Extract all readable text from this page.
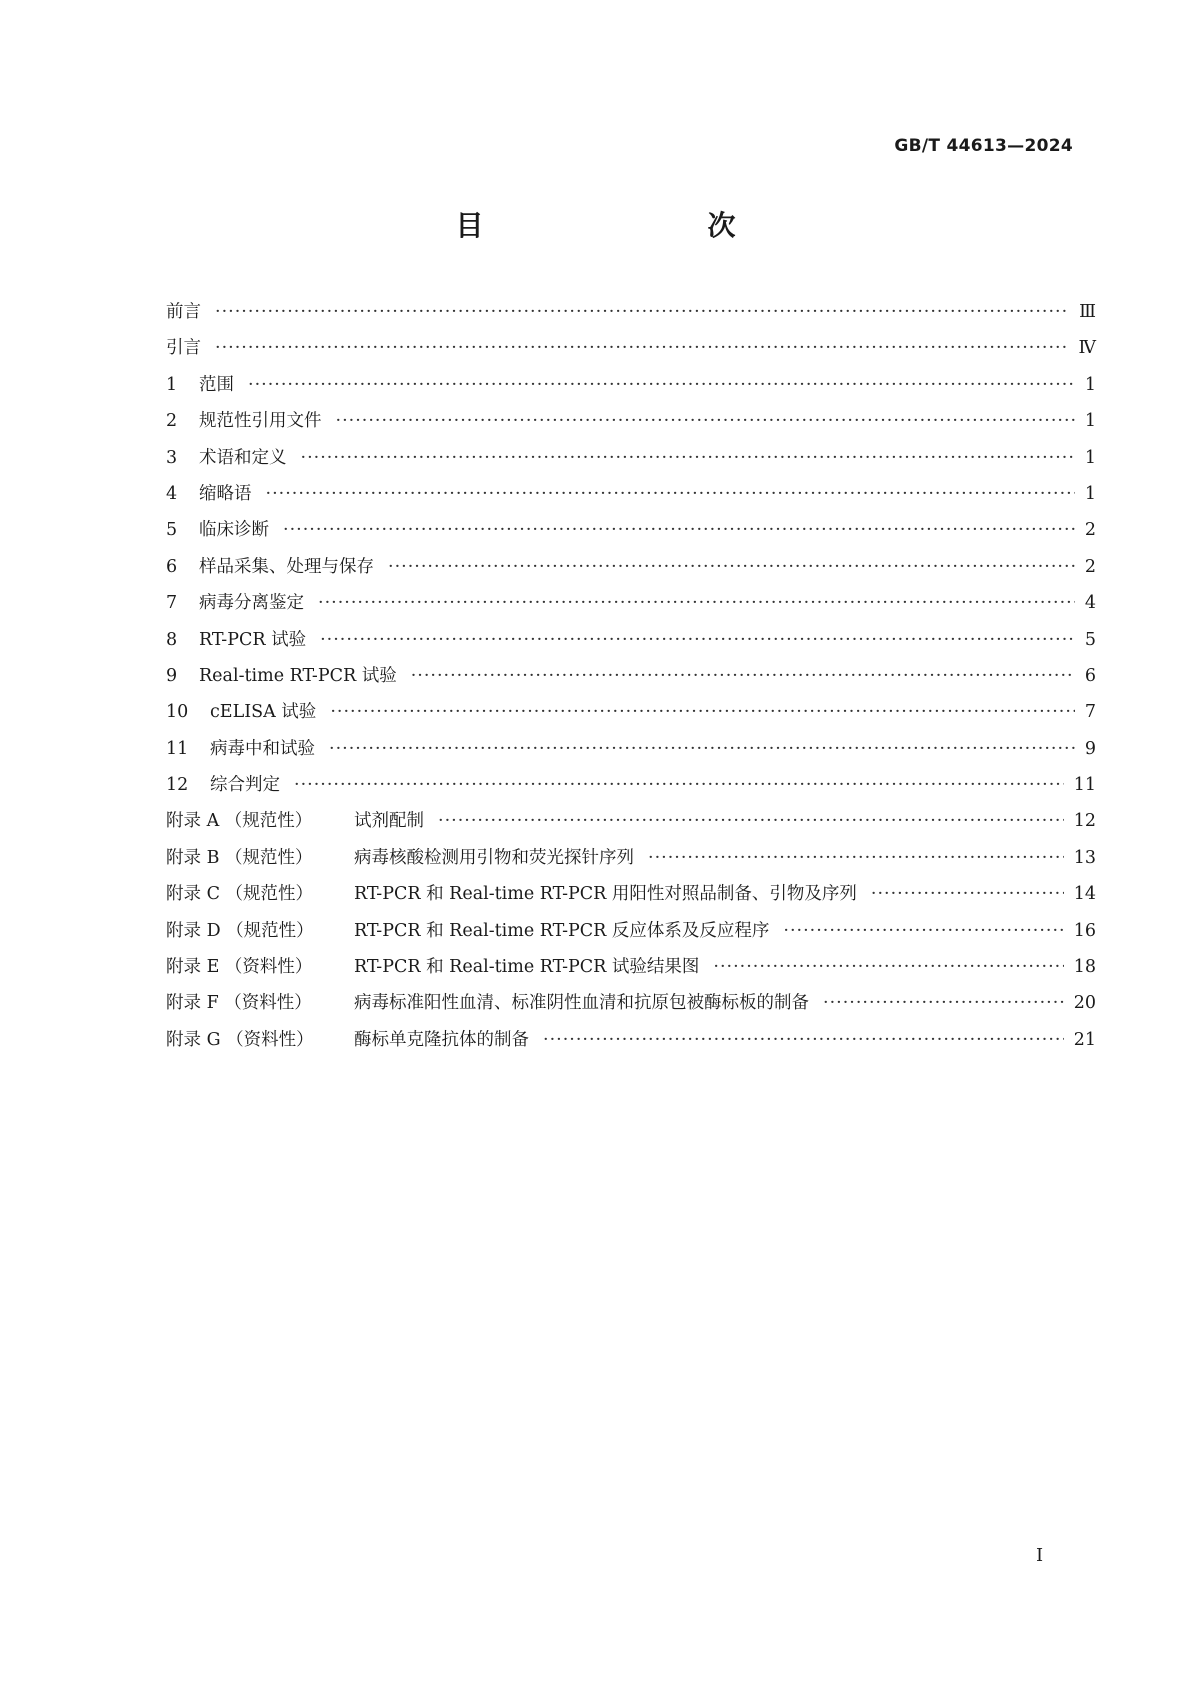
GB/T 44613—2024
目　　次
前言 ·····	Ⅲ
引言 ·····	Ⅳ
1	范围 ·····	1
2	规范性引用文件 ·····	1
3	术语和定义 ·····	1
4	缩略语 ·····	1
5	临床诊断 ·····	2
6	样品采集、处理与保存 ·····	2
7	病毒分离鉴定 ·····	4
8	RT-PCR 试验 ·····	5
9	Real-time RT-PCR 试验 ·····	6
10	cELISA 试验 ·····	7
11	病毒中和试验 ·····	9
12	综合判定 ·····	11
附录 A （规范性）	试剂配制 ·····	12
附录 B （规范性）	病毒核酸检测用引物和荧光探针序列 ·····	13
附录 C （规范性）	RT-PCR 和 Real-time RT-PCR 用阳性对照品制备、引物及序列 ·····	14
附录 D （规范性）	RT-PCR 和 Real-time RT-PCR 反应体系及反应程序 ·····	16
附录 E （资料性）	RT-PCR 和 Real-time RT-PCR 试验结果图 ·····	18
附录 F （资料性）	病毒标准阳性血清、标准阴性血清和抗原包被酶标板的制备 ·····	20
附录 G （资料性）	酶标单克隆抗体的制备 ·····	21
I
